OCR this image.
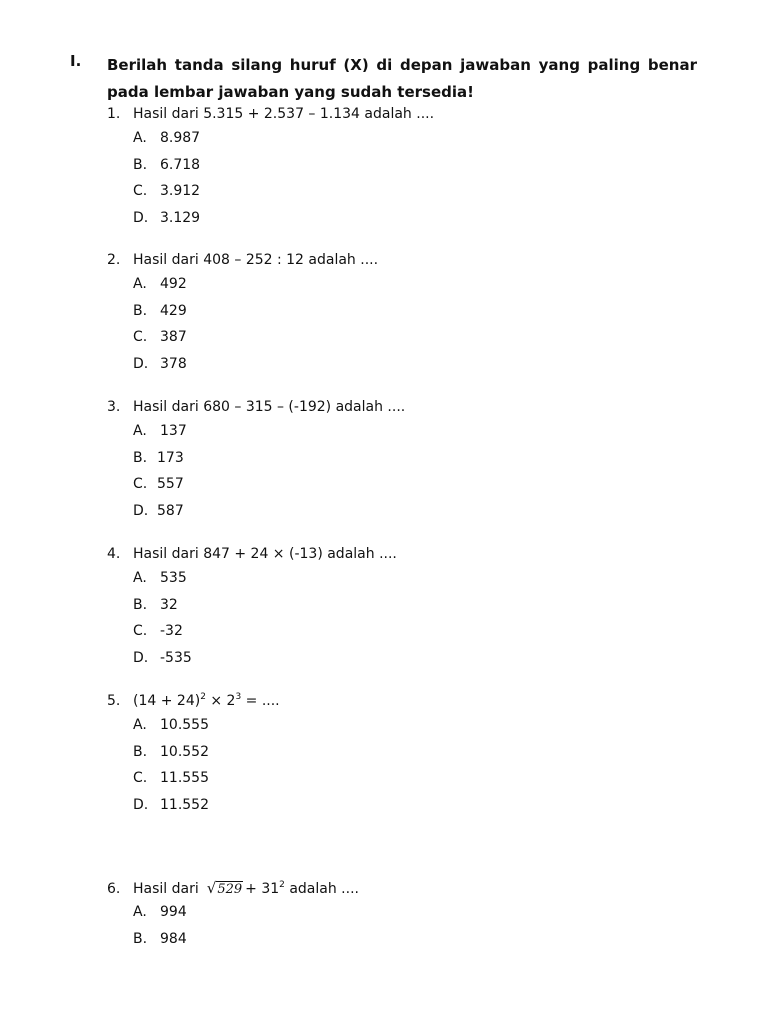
I. Berilah tanda silang huruf (X) di depan jawaban yang paling benar pada lembar jawaban yang sudah tersedia!
1. Hasil dari 5.315 + 2.537 – 1.134 adalah ....
A. 8.987
B. 6.718
C. 3.912
D. 3.129
2. Hasil dari 408 – 252 : 12 adalah ....
A. 492
B. 429
C. 387
D. 378
3. Hasil dari 680 – 315 – (-192) adalah ....
A. 137
B. 173
C. 557
D. 587
4. Hasil dari 847 + 24 × (-13) adalah ....
A. 535
B. 32
C. -32
D. -535
5. $(14 + 24)^2 \times 2^3$ = ....
A. 10.555
B. 10.552
C. 11.555
D. 11.552
6. Hasil dari $√529 + 31^2$ adalah ....
A. 994
B. 984
